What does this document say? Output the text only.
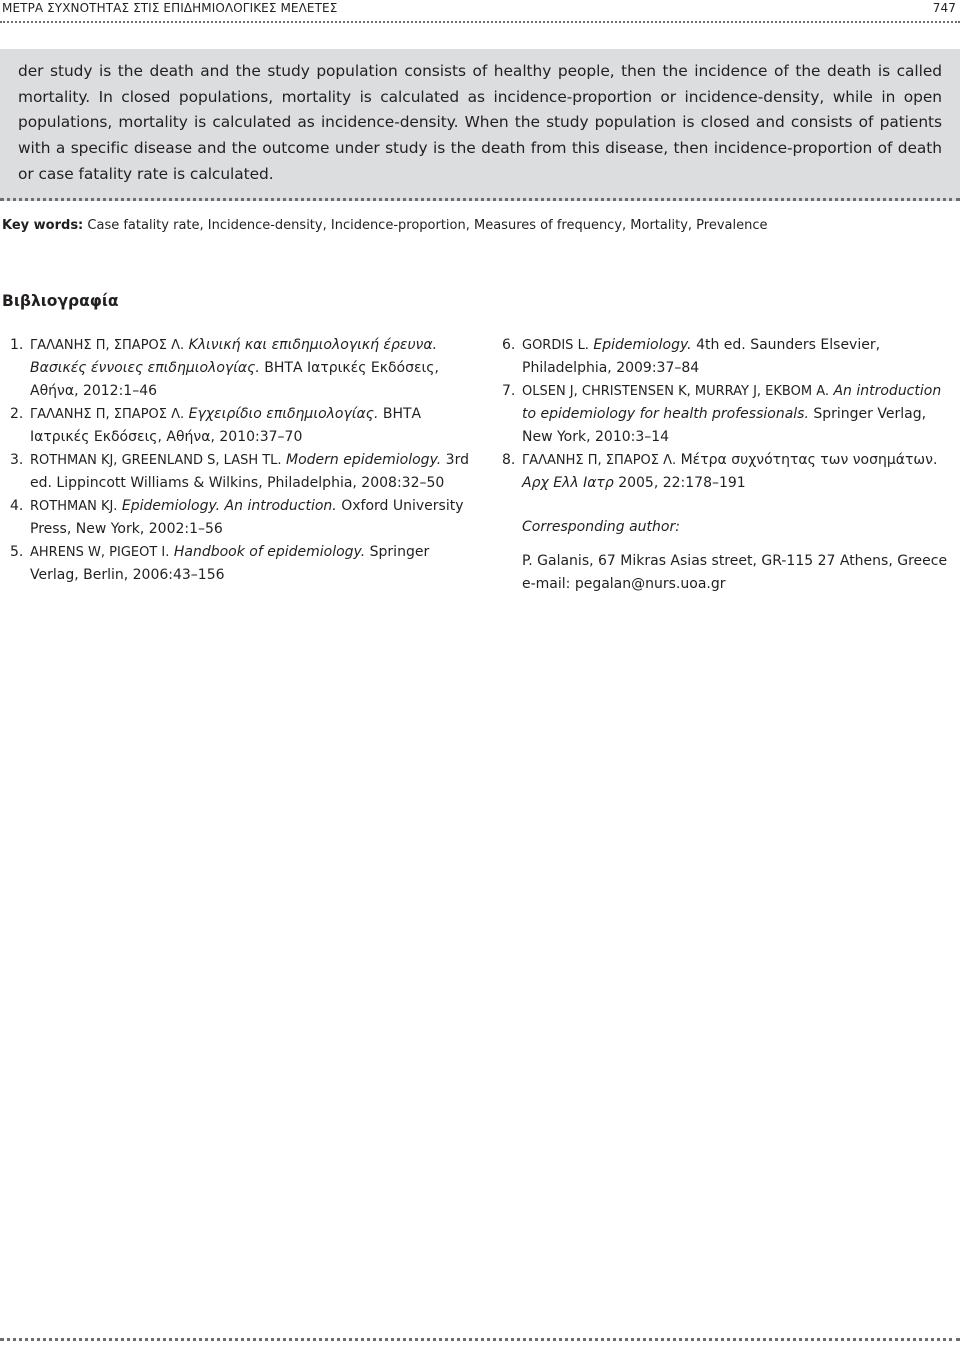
ΜΕΤΡΑ ΣΥΧΝΟΤΗΤΑΣ ΣΤΙΣ ΕΠΙΔΗΜΙΟΛΟΓΙΚΕΣ ΜΕΛΕΤΕΣ	747

der study is the death and the study population consists of healthy people, then the incidence of the death is called mortality. In closed populations, mortality is calculated as incidence-proportion or incidence-density, while in open populations, mortality is calculated as incidence-density. When the study population is closed and consists of patients with a specific disease and the outcome under study is the death from this disease, then incidence-proportion of death or case fatality rate is calculated.

Key words: Case fatality rate, Incidence-density, Incidence-proportion, Measures of frequency, Mortality, Prevalence
Βιβλιογραφία
1. ΓΑΛΑΝΗΣ Π, ΣΠΑΡΟΣ Λ. Κλινική και επιδημιολογική έρευνα. Βασικές έννοιες επιδημιολογίας. ΒΗΤΑ Ιατρικές Εκδόσεις, Αθήνα, 2012:1–46
2. ΓΑΛΑΝΗΣ Π, ΣΠΑΡΟΣ Λ. Εγχειρίδιο επιδημιολογίας. ΒΗΤΑ Ιατρικές Εκδόσεις, Αθήνα, 2010:37–70
3. ROTHMAN KJ, GREENLAND S, LASH TL. Modern epidemiology. 3rd ed. Lippincott Williams & Wilkins, Philadelphia, 2008:32–50
4. ROTHMAN KJ. Epidemiology. An introduction. Oxford University Press, New York, 2002:1–56
5. AHRENS W, PIGEOT I. Handbook of epidemiology. Springer Verlag, Berlin, 2006:43–156
6. GORDIS L. Epidemiology. 4th ed. Saunders Elsevier, Philadelphia, 2009:37–84
7. OLSEN J, CHRISTENSEN K, MURRAY J, EKBOM A. An introduction to epidemiology for health professionals. Springer Verlag, New York, 2010:3–14
8. ΓΑΛΑΝΗΣ Π, ΣΠΑΡΟΣ Λ. Μέτρα συχνότητας των νοσημάτων. Αρχ Ελλ Ιατρ 2005, 22:178–191
Corresponding author:
P. Galanis, 67 Mikras Asias street, GR-115 27 Athens, Greece
e-mail: pegalan@nurs.uoa.gr
